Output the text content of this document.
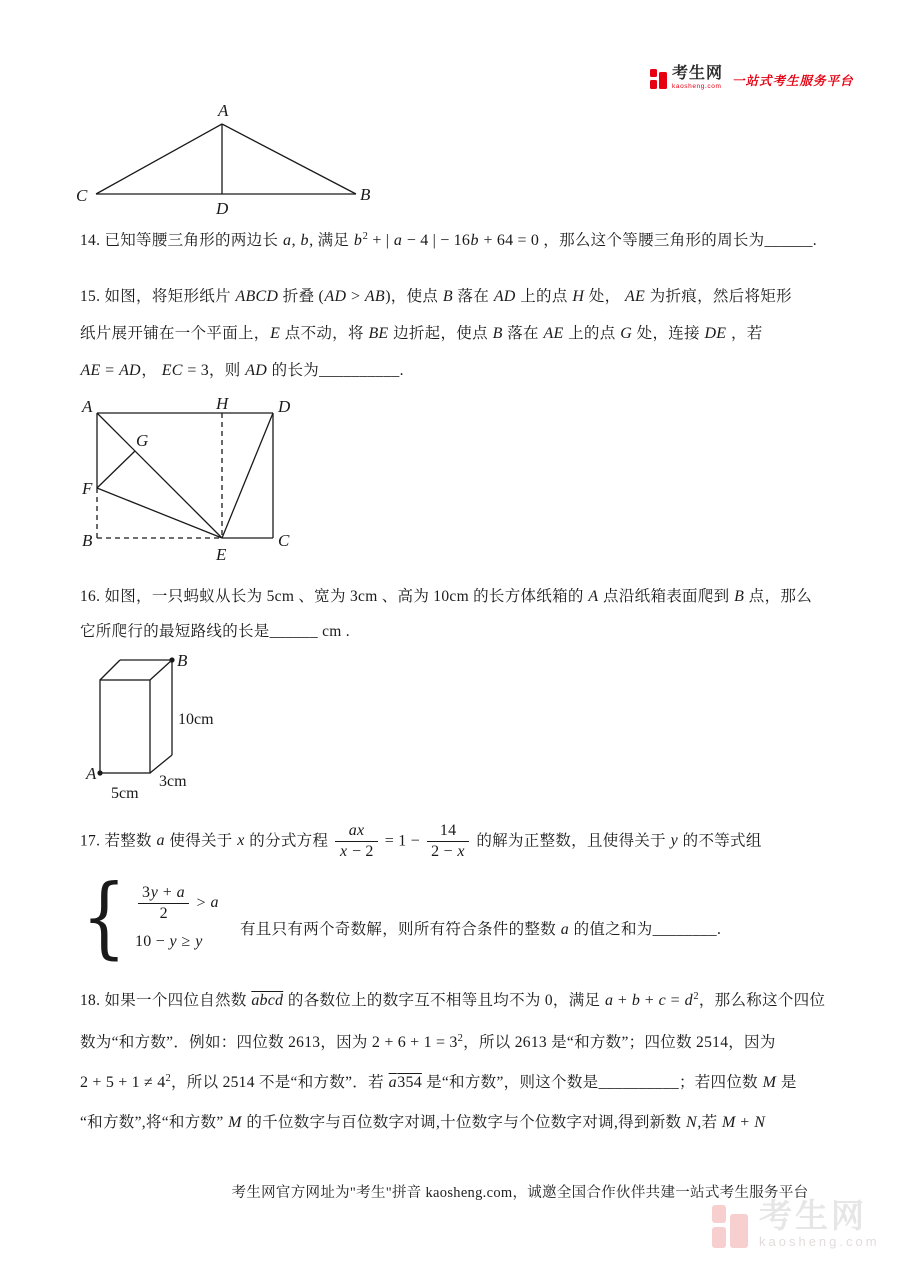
考生网
kaosheng.com 一站式考生服务平台
A
B
C
D
14. 已知等腰三角形的两边长 a, b, 满足 $b^2$ + | a − 4 | − 16b + 64 = 0 ，那么这个等腰三角形的周长为______.
15. 如图，将矩形纸片 ABCD 折叠 (AD > AB)，使点 B 落在 AD 上的点 H 处， AE 为折痕，然后将矩形
纸片展开铺在一个平面上，E 点不动，将 BE 边折起，使点 B 落在 AE 上的点 G 处，连接 DE ，若
AE = AD， EC = 3，则 AD 的长为__________.
A	H	D
G
F
B
E
C
16. 如图，一只蚂蚁从长为 5cm 、宽为 3cm 、高为 10cm 的长方体纸箱的 A 点沿纸箱表面爬到 B 点，那么
它所爬行的最短路线的长是______ cm .
B
A
10cm
3cm
5cm
17. 若整数 a 使得关于 x 的分式方程 $\frac{ax}{x - 2} = 1 - \frac{14}{2 - x}$ 的解为正整数，且使得关于 y 的不等式组
{ $\frac{3y + a}{2} > a$
10 − y ≥ y
有且只有两个奇数解，则所有符合条件的整数 a 的值之和为________.
18. 如果一个四位自然数 abcd 的各数位上的数字互不相等且均不为 0，满足 $a + b + c = d^2$，那么称这个四位
数为“和方数”．例如：四位数 2613，因为 $2 + 6 + 1 = 3^2$，所以 2613 是“和方数”；四位数 2514，因为
$2 + 5 + 1 \ne 4^2$，所以 2514 不是“和方数”．若 a354 是“和方数”，则这个数是__________；若四位数 M 是
“和方数”,将“和方数” M 的千位数字与百位数字对调,十位数字与个位数字对调,得到新数 N,若 M + N
考生网官方网址为"考生"拼音 kaosheng.com，诚邀全国合作伙伴共建一站式考生服务平台
考生网
kaosheng.com
